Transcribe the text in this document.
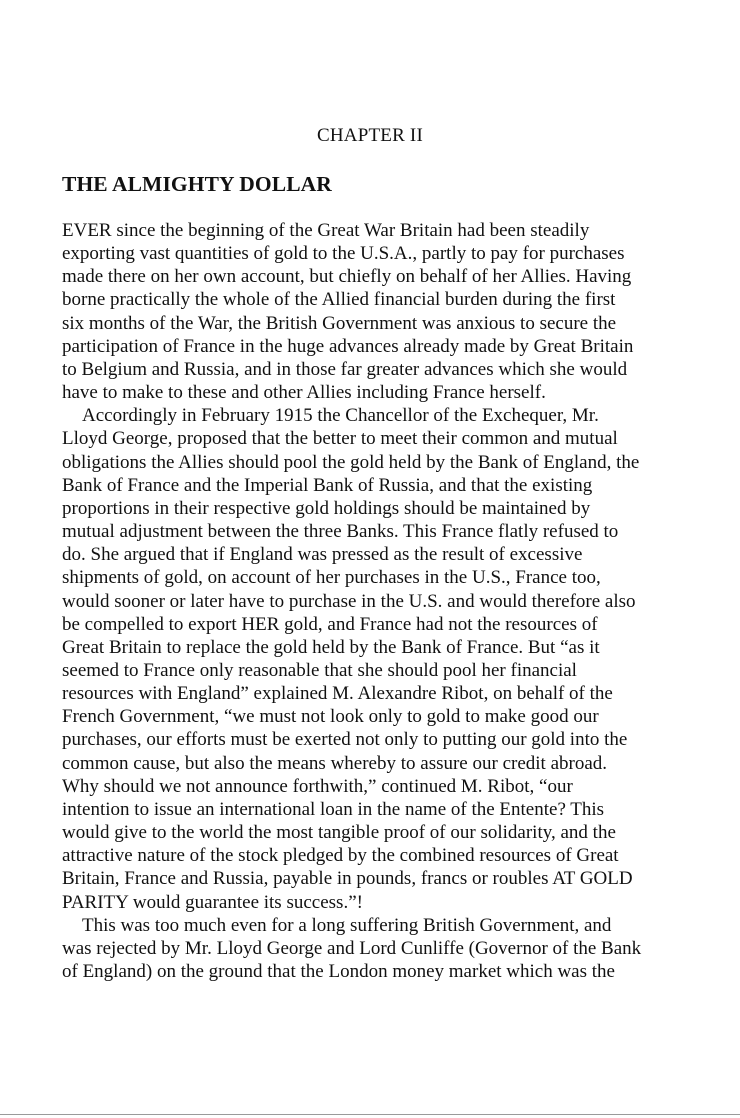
CHAPTER II
THE ALMIGHTY DOLLAR
EVER since the beginning of the Great War Britain had been steadily
exporting vast quantities of gold to the U.S.A., partly to pay for purchases
made there on her own account, but chiefly on behalf of her Allies. Having
borne practically the whole of the Allied financial burden during the first
six months of the War, the British Government was anxious to secure the
participation of France in the huge advances already made by Great Britain
to Belgium and Russia, and in those far greater advances which she would
have to make to these and other Allies including France herself.
Accordingly in February 1915 the Chancellor of the Exchequer, Mr.
Lloyd George, proposed that the better to meet their common and mutual
obligations the Allies should pool the gold held by the Bank of England, the
Bank of France and the Imperial Bank of Russia, and that the existing
proportions in their respective gold holdings should be maintained by
mutual adjustment between the three Banks. This France flatly refused to
do. She argued that if England was pressed as the result of excessive
shipments of gold, on account of her purchases in the U.S., France too,
would sooner or later have to purchase in the U.S. and would therefore also
be compelled to export HER gold, and France had not the resources of
Great Britain to replace the gold held by the Bank of France. But “as it
seemed to France only reasonable that she should pool her financial
resources with England” explained M. Alexandre Ribot, on behalf of the
French Government, “we must not look only to gold to make good our
purchases, our efforts must be exerted not only to putting our gold into the
common cause, but also the means whereby to assure our credit abroad.
Why should we not announce forthwith,” continued M. Ribot, “our
intention to issue an international loan in the name of the Entente? This
would give to the world the most tangible proof of our solidarity, and the
attractive nature of the stock pledged by the combined resources of Great
Britain, France and Russia, payable in pounds, francs or roubles AT GOLD
PARITY would guarantee its success.”!
This was too much even for a long suffering British Government, and
was rejected by Mr. Lloyd George and Lord Cunliffe (Governor of the Bank
of England) on the ground that the London money market which was the
